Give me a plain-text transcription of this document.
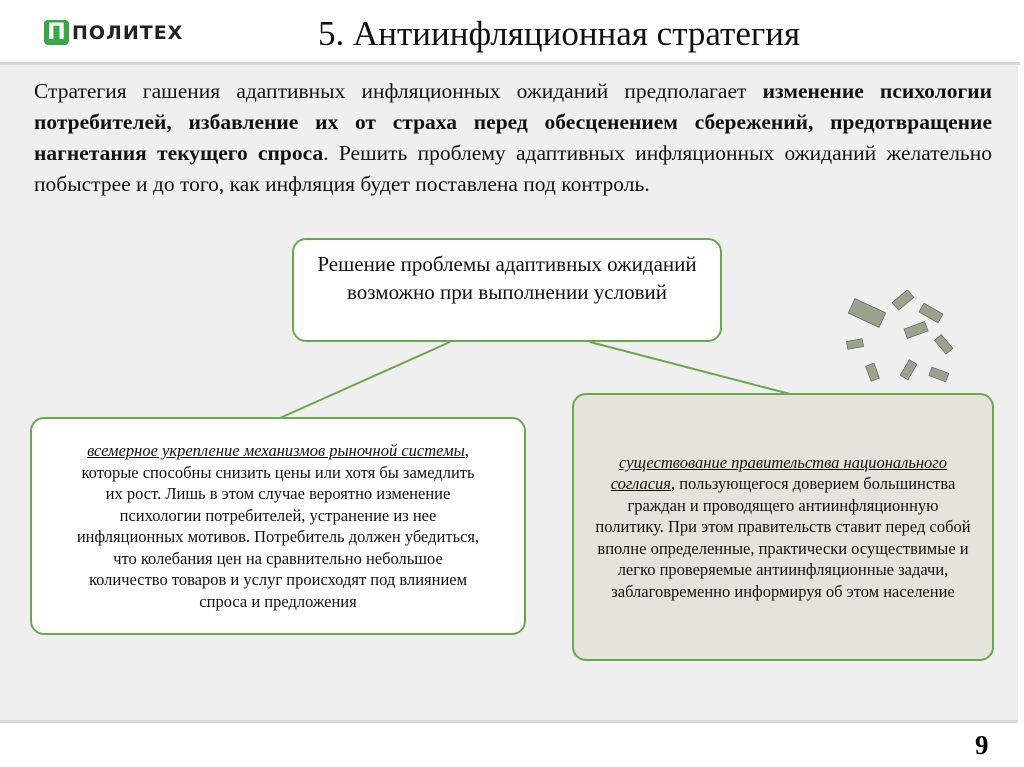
П ПОЛИТЕХ	5. Антиинфляционная стратегия
Стратегия гашения адаптивных инфляционных ожиданий предполагает изменение психологии потребителей, избавление их от страха перед обесценением сбережений, предотвращение нагнетания текущего спроса. Решить проблему адаптивных инфляционных ожиданий желательно побыстрее и до того, как инфляция будет поставлена под контроль.
Решение проблемы адаптивных ожиданий возможно при выполнении условий
всемерное укрепление механизмов рыночной системы, которые способны снизить цены или хотя бы замедлить их рост. Лишь в этом случае вероятно изменение психологии потребителей, устранение из нее инфляционных мотивов. Потребитель должен убедиться, что колебания цен на сравнительно небольшое количество товаров и услуг происходят под влиянием спроса и предложения
существование правительства национального согласия, пользующегося доверием большинства граждан и проводящего антиинфляционную политику. При этом правительств ставит перед собой вполне определенные, практически осуществимые и легко проверяемые антиинфляционные задачи, заблаговременно информируя об этом население
9
